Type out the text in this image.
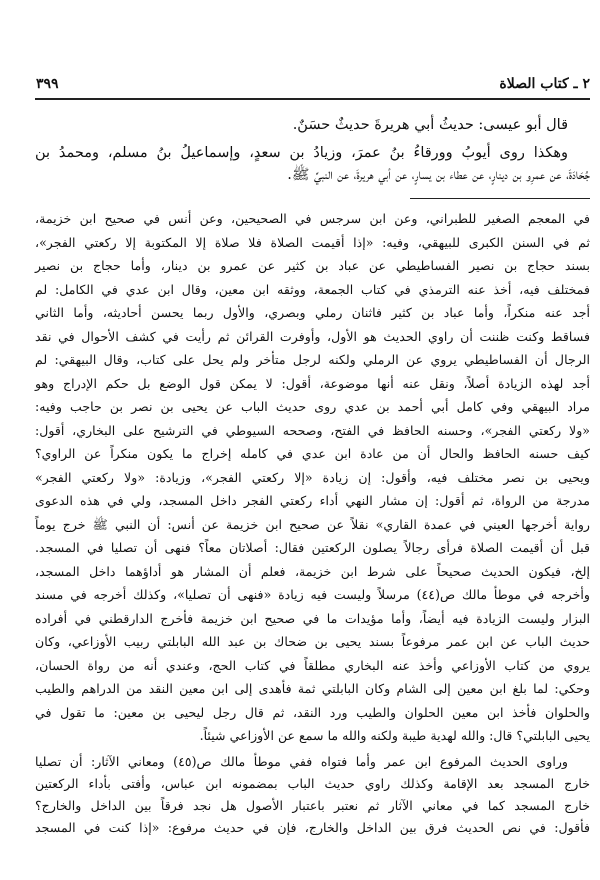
٣٩٩	٢ ـ كتاب الصلاة
قال أبو عيسى: حديثُ أبي هريرةَ حديثٌ حسَنٌ.
وهكذا روى أيوبُ وورقاءُ بنُ عمرَ، وزيادُ بن سعدٍ، وإسماعيلُ بنُ مسلم، ومحمدُ بن
جُحَادَةَ، عن عمرِو بن دينارٍ، عن عطاء بن يسارٍ، عن أبي هريرةَ، عن النبيِّ ﷺ.
في المعجم الصغير للطبراني، وعن ابن سرجس في الصحيحين، وعن أنس في صحيح ابن خزيمة،
ثم في السنن الكبرى للبيهقي، وفيه: «إذا أقيمت الصلاة فلا صلاة إلا المكتوبة إلا ركعتي الفجر»،
بسند حجاج بن نصير الفساطيطي عن عباد بن كثير عن عمرو بن دينار، وأما حجاج بن نصير
فمختلف فيه، أخذ عنه الترمذي في كتاب الجمعة، ووثقه ابن معين، وقال ابن عدي في الكامل: لم
أجد عنه منكراً، وأما عباد بن كثير فاثنان رملي وبصري، والأول ربما يحسن أحاديثه، وأما الثاني
فساقط وكنت ظننت أن راوي الحديث هو الأول، وأوفرت القرائن ثم رأيت في كشف الأحوال في نقد
الرجال أن الفساطيطي يروي عن الرملي ولكنه لرجل متأخر ولم يحل على كتاب، وقال البيهقي: لم
أجد لهذه الزيادة أصلاً، ونقل عنه أنها موضوعة، أقول: لا يمكن قول الوضع بل حكم الإدراج وهو
مراد البيهقي وفي كامل أبي أحمد بن عدي روى حديث الباب عن يحيى بن نصر بن حاجب وفيه:
«ولا ركعتي الفجر»، وحسنه الحافظ في الفتح، وصححه السيوطي في الترشيح على البخاري، أقول:
كيف حسنه الحافظ والحال أن من عادة ابن عدي في كامله إخراج ما يكون منكراً عن الراوي؟
ويحيى بن نصر مختلف فيه، وأقول: إن زيادة «إلا ركعتي الفجر»، وزيادة: «ولا ركعتي الفجر»
مدرجة من الرواة، ثم أقول: إن مشار النهي أداء ركعتي الفجر داخل المسجد، ولي في هذه الدعوى
رواية أخرجها العيني في عمدة القاري» نقلاً عن صحيح ابن خزيمة عن أنس: أن النبي ﷺ خرج يوماً
قبل أن أقيمت الصلاة فرأى رجالاً يصلون الركعتين فقال: أصلاتان معاً؟ فنهى أن تصليا في المسجد.
إلخ، فيكون الحديث صحيحاً على شرط ابن خزيمة، فعلم أن المشار هو أداؤهما داخل المسجد،
وأخرجه في موطأ مالك ص(٤٤) مرسلاً وليست فيه زيادة «فنهى أن تصليا»، وكذلك أخرجه في مسند
البزار وليست الزيادة فيه أيضاً، وأما مؤيدات ما في صحيح ابن خزيمة فأخرج الدارقطني في أفراده
حديث الباب عن ابن عمر مرفوعاً بسند يحيى بن ضحاك بن عبد الله البابلتي ربيب الأوزاعي، وكان
يروي من كتاب الأوزاعي وأخذ عنه البخاري مطلقاً في كتاب الحج، وعندي أنه من رواة الحسان،
وحكي: لما بلغ ابن معين إلى الشام وكان البابلتي ثمة فأهدى إلى ابن معين النقد من الدراهم والطيب
والحلوان فأخذ ابن معين الحلوان والطيب ورد النقد، ثم قال رجل ليحيى بن معين: ما تقول في
يحيى البابلتي؟ قال: والله لهدية طيبة ولكنه والله ما سمع عن الأوزاعي شيئاً.
وراوى الحديث المرفوع ابن عمر وأما فتواه ففي موطأ مالك ص(٤٥) ومعاني الآثار: أن تصليا
خارج المسجد بعد الإقامة وكذلك راوي حديث الباب بمضمونه ابن عباس، وأفتى بأداء الركعتين
خارج المسجد كما في معاني الآثار ثم نعتبر باعتبار الأصول هل نجد فرقاً بين الداخل والخارج؟
فأقول: في نص الحديث فرق بين الداخل والخارج، فإن في حديث مرفوع: «إذا كنت في المسجد
